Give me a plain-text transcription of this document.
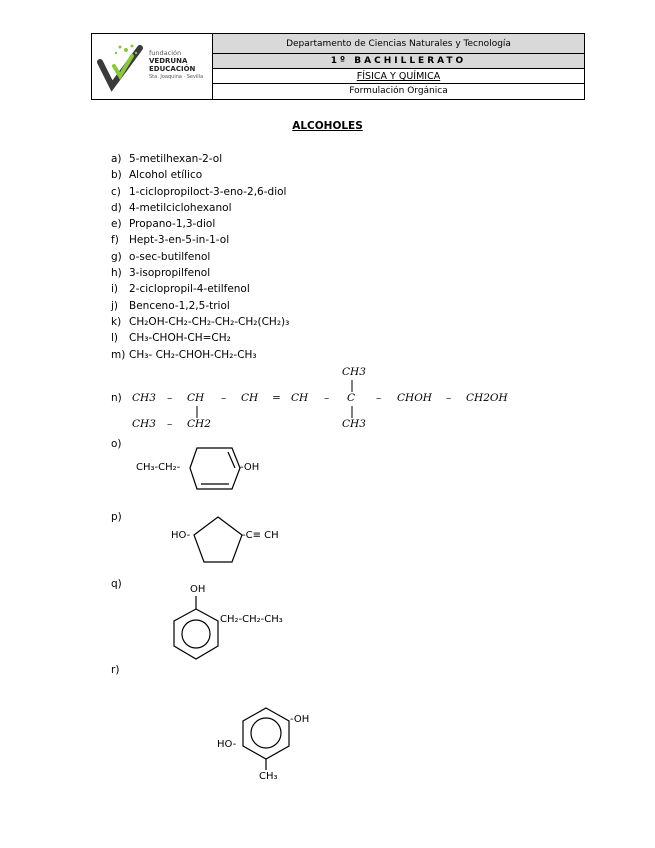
fundación
VEDRUNA
EDUCACIÓN
Sta. Joaquina · Sevilla
Departamento de Ciencias Naturales y Tecnología
1º BACHILLERATO
FÍSICA Y QUÍMICA
Formulación Orgánica
ALCOHOLES
a) 5-metilhexan-2-ol
b) Alcohol etílico
c) 1-ciclopropiloct-3-eno-2,6-diol
d) 4-metilciclohexanol
e) Propano-1,3-diol
f) Hept-3-en-5-in-1-ol
g) o-sec-butilfenol
h) 3-isopropilfenol
i) 2-ciclopropil-4-etilfenol
j) Benceno-1,2,5-triol
k) CH₂OH-CH₂-CH₂-CH₂-CH₂(CH₂)₃
l) CH₃-CHOH-CH=CH₂
m) CH₃- CH₂-CHOH-CH₂-CH₃
n)
CH3
CH3 – CH – CH = CH – C – CHOH – CH2OH
CH3 – CH2	CH3
o)
CH₃-CH₂-	-OH
p)
HO-	-C≡ CH
q)	OH
CH₂-CH₂-CH₃
r)
-OH
HO-
CH₃
